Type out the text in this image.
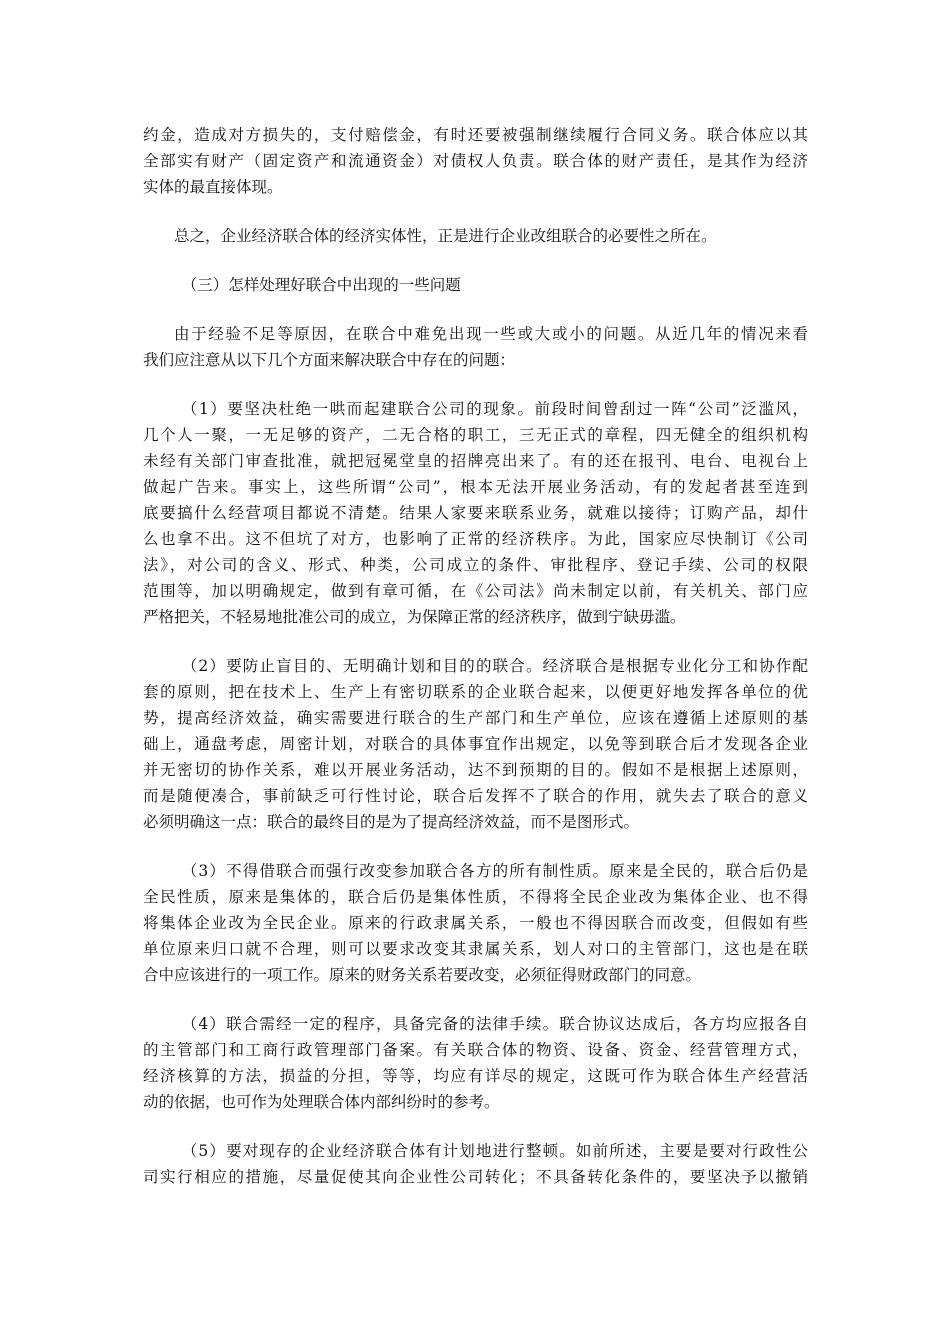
约金，造成对方损失的，支付赔偿金，有时还要被强制继续履行合同义务。联合体应以其
全部实有财产（固定资产和流通资金）对债权人负责。联合体的财产责任，是其作为经济
实体的最直接体现。
总之，企业经济联合体的经济实体性，正是进行企业改组联合的必要性之所在。
（三）怎样处理好联合中出现的一些问题
由于经验不足等原因，在联合中难免出现一些或大或小的问题。从近几年的情况来看
我们应注意从以下几个方面来解决联合中存在的问题：
（1）要坚决杜绝一哄而起建联合公司的现象。前段时间曾刮过一阵“公司”泛滥风，
几个人一聚，一无足够的资产，二无合格的职工，三无正式的章程，四无健全的组织机构
未经有关部门审查批准，就把冠冕堂皇的招牌亮出来了。有的还在报刊、电台、电视台上
做起广告来。事实上，这些所谓“公司”，根本无法开展业务活动，有的发起者甚至连到
底要搞什么经营项目都说不清楚。结果人家要来联系业务，就难以接待；订购产品，却什
么也拿不出。这不但坑了对方，也影响了正常的经济秩序。为此，国家应尽快制订《公司
法》，对公司的含义、形式、种类，公司成立的条件、审批程序、登记手续、公司的权限
范围等，加以明确规定，做到有章可循，在《公司法》尚未制定以前，有关机关、部门应
严格把关，不轻易地批准公司的成立，为保障正常的经济秩序，做到宁缺毋滥。
（2）要防止盲目的、无明确计划和目的的联合。经济联合是根据专业化分工和协作配
套的原则，把在技术上、生产上有密切联系的企业联合起来，以便更好地发挥各单位的优
势，提高经济效益，确实需要进行联合的生产部门和生产单位，应该在遵循上述原则的基
础上，通盘考虑，周密计划，对联合的具体事宜作出规定，以免等到联合后才发现各企业
并无密切的协作关系，难以开展业务活动，达不到预期的目的。假如不是根据上述原则，
而是随便凑合，事前缺乏可行性讨论，联合后发挥不了联合的作用，就失去了联合的意义
必须明确这一点：联合的最终目的是为了提高经济效益，而不是图形式。
（3）不得借联合而强行改变参加联合各方的所有制性质。原来是全民的，联合后仍是
全民性质，原来是集体的，联合后仍是集体性质，不得将全民企业改为集体企业、也不得
将集体企业改为全民企业。原来的行政隶属关系，一般也不得因联合而改变，但假如有些
单位原来归口就不合理，则可以要求改变其隶属关系，划人对口的主管部门，这也是在联
合中应该进行的一项工作。原来的财务关系若要改变，必须征得财政部门的同意。
（4）联合需经一定的程序，具备完备的法律手续。联合协议达成后，各方均应报各自
的主管部门和工商行政管理部门备案。有关联合体的物资、设备、资金、经营管理方式，
经济核算的方法，损益的分担，等等，均应有详尽的规定，这既可作为联合体生产经营活
动的依据，也可作为处理联合体内部纠纷时的参考。
（5）要对现存的企业经济联合体有计划地进行整顿。如前所述，主要是要对行政性公
司实行相应的措施，尽量促使其向企业性公司转化；不具备转化条件的，要坚决予以撤销
